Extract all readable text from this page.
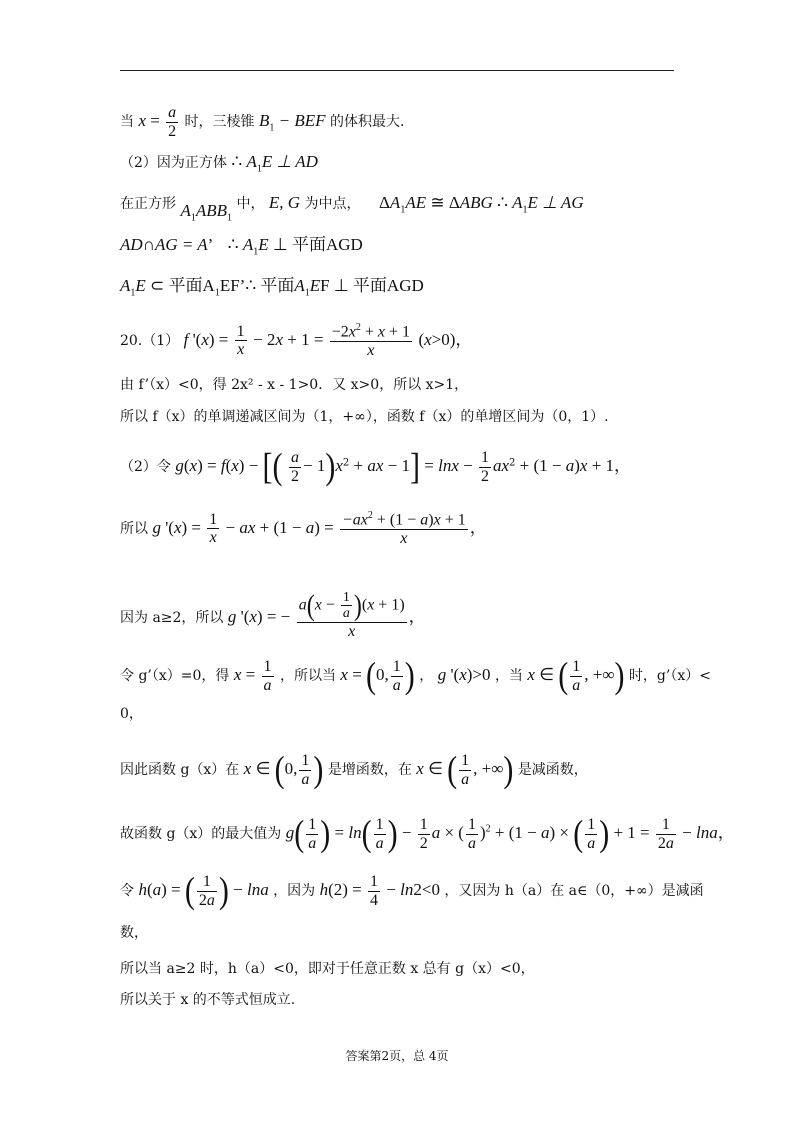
当 $x = \frac{a}{2}$ 时，三棱锥 $B_1$ − BEF 的体积最大.
（2）因为正方体 ∴ $A_1E$ ⊥ AD
在正方形 $A_1ABB_1$ 中， E, G 为中点， $\Delta A_1AE$ ≅ ΔABG ∴ $A_1E$ ⊥ AG
AD∩AG = A’ ∴ $A_1E$ ⊥ 平面AGD
$A_1E$ ⊂ 平面$A_1EF’\therefore$ 平面$A_1EF$ ⊥ 平面AGD
20.（1） f '$(x) = \frac{1}{x} - 2x + 1 = \frac{-2x^2 + x + 1}{x} (x>0)$，
由 f’（x）<0，得 2x² - x - 1>0．又 x>0，所以 x>1，
所以 f（x）的单调递减区间为（1，+∞），函数 f（x）的单增区间为（0，1）.
（2）令 g(x) = f(x) − [( $\frac{a}{2} - 1)x^2$ + ax − $1] = \ln x - \frac{1}{2} ax^2 + (1 - a)x + 1$，
所以 g '$(x) = \frac{1}{x}$ − ax + $(1 - a) = \frac{-ax^2 + (1 - a)x + 1}{x}$ ，
因为 a≥2，所以 g '(x) = − $\frac{a(x - \frac{1}{a} )(x + 1)}{x}$ ，
令 g’（x）=0，得 $x = \frac{1}{a}$ ，所以当 x = (0, $\frac{1}{a}$ ) ， g '(x)>0 ，当 x ∈ ( $\frac{1}{a}$ , +∞) 时，g’（x）<
0，
因此函数 g（x）在 x ∈ (0, $\frac{1}{a}$ ) 是增函数，在 x ∈ ( $\frac{1}{a}$ , +∞) 是减函数，
故函数 g（x）的最大值为 $g( \frac{1}{a}$ ) = $\ln( \frac{1}{a}$ ) − $\frac{1}{2}$ a × ( $\frac{1}{a} )^2 + (1 - a)$ × ( $\frac{1}{a}$ ) + $1 = \frac{1}{2a} - \ln a$，
令 h(a) = ( $\frac{1}{2a}$ ) − lna ，因为 $h(2) = \frac{1}{4} - \ln 2<0$ ，又因为 h（a）在 a∈（0，+∞）是减函
数，
所以当 a≥2 时，h（a）<0，即对于任意正数 x 总有 g（x）<0，
所以关于 x 的不等式恒成立.
答案第2页，总 4页
